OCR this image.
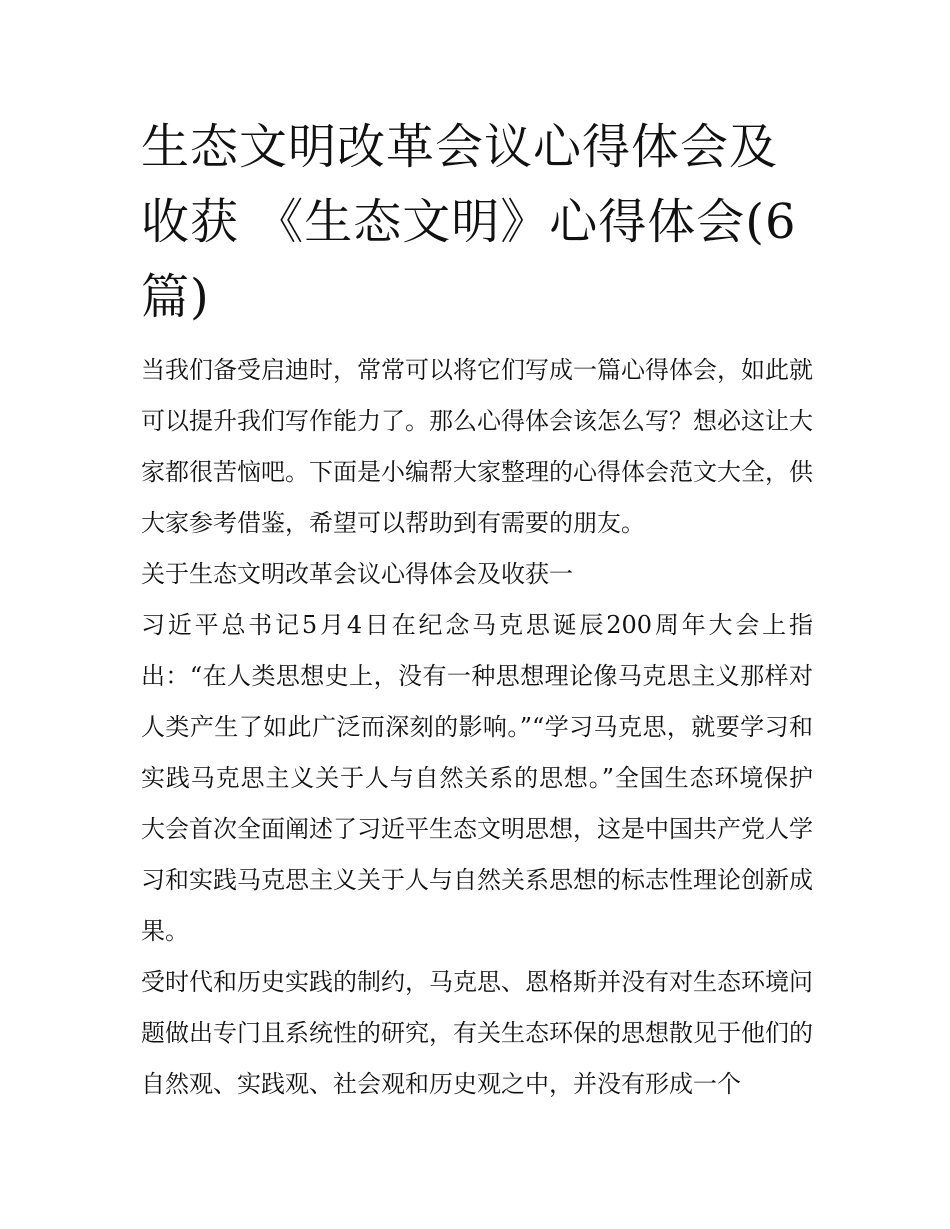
生态文明改革会议心得体会及收获 《生态文明》心得体会(6篇)

当我们备受启迪时，常常可以将它们写成一篇心得体会，如此就可以提升我们写作能力了。那么心得体会该怎么写？想必这让大家都很苦恼吧。下面是小编帮大家整理的心得体会范文大全，供大家参考借鉴，希望可以帮助到有需要的朋友。

关于生态文明改革会议心得体会及收获一

习近平总书记5月4日在纪念马克思诞辰200周年大会上指出：“在人类思想史上，没有一种思想理论像马克思主义那样对人类产生了如此广泛而深刻的影响。”“学习马克思，就要学习和实践马克思主义关于人与自然关系的思想。”全国生态环境保护大会首次全面阐述了习近平生态文明思想，这是中国共产党人学习和实践马克思主义关于人与自然关系思想的标志性理论创新成果。

受时代和历史实践的制约，马克思、恩格斯并没有对生态环境问题做出专门且系统性的研究，有关生态环保的思想散见于他们的自然观、实践观、社会观和历史观之中，并没有形成一个
